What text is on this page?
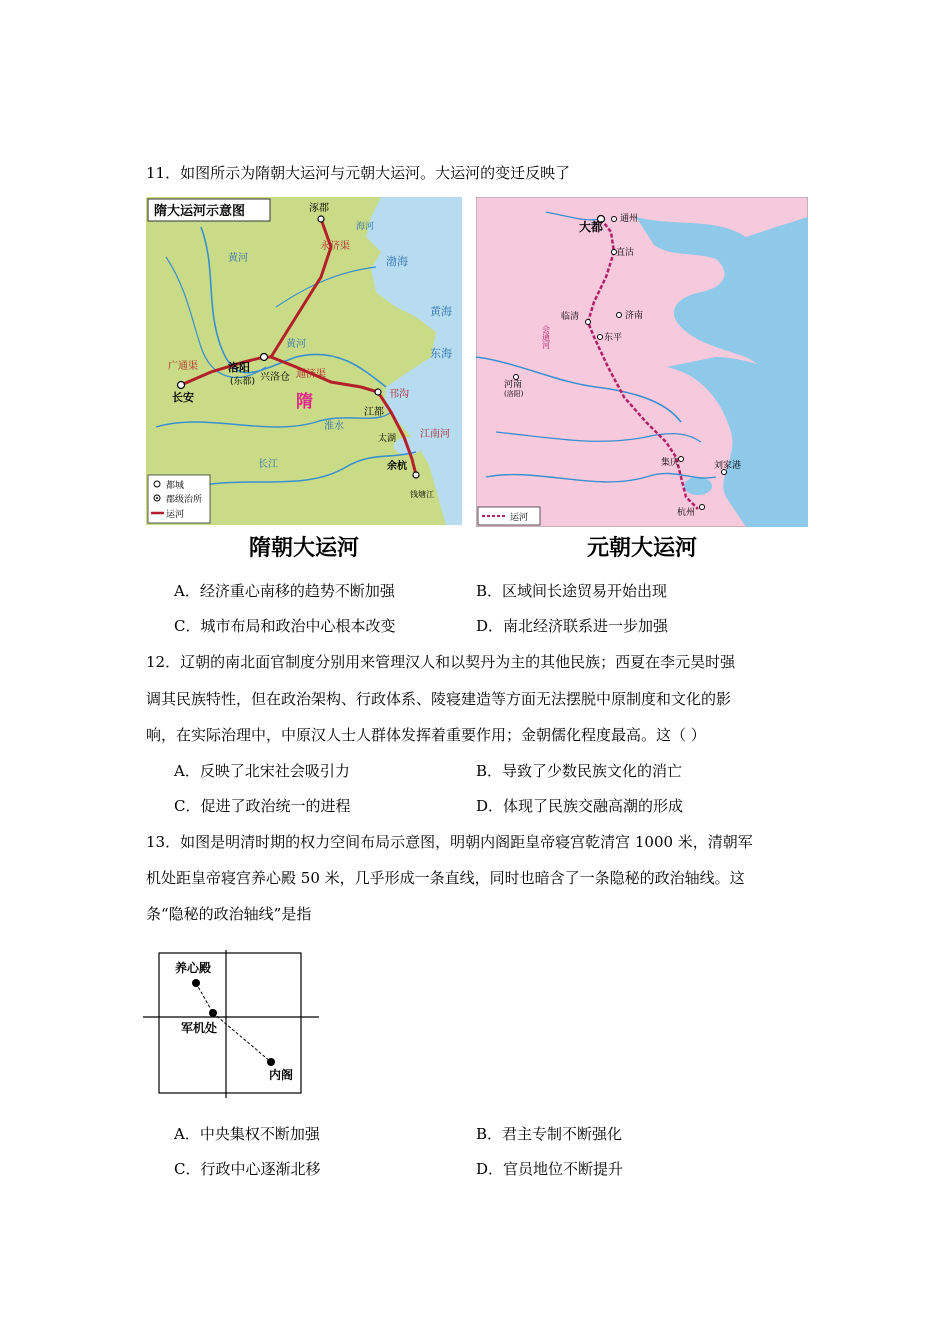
11．如图所示为隋朝大运河与元朝大运河。大运河的变迁反映了
隋大运河示意图	涿郡
洛阳
(东都) 兴洛仓
长安
江都
余杭
钱塘江
太湖
隋
广通渠
永济渠
通济渠
邗沟
江南河
黄河
黄河
海河
淮水
长江
渤海
黄海
东海
都城
郡级治所
运河
隋朝大运河
大都
通州
直沽
临清	济南
东平
河南
(洛阳)
集庆	刘家港
杭州
会通河
运河
元朝大运河
A．经济重心南移的趋势不断加强	B．区域间长途贸易开始出现
C．城市布局和政治中心根本改变	D．南北经济联系进一步加强
12．辽朝的南北面官制度分别用来管理汉人和以契丹为主的其他民族；西夏在李元昊时强
调其民族特性，但在政治架构、行政体系、陵寝建造等方面无法摆脱中原制度和文化的影
响，在实际治理中，中原汉人士人群体发挥着重要作用；金朝儒化程度最高。这（ ）
A．反映了北宋社会吸引力	B．导致了少数民族文化的消亡
C．促进了政治统一的进程	D．体现了民族交融高潮的形成
13．如图是明清时期的权力空间布局示意图，明朝内阁距皇帝寝宫乾清宫 1000 米，清朝军
机处距皇帝寝宫养心殿 50 米，几乎形成一条直线，同时也暗含了一条隐秘的政治轴线。这
条“隐秘的政治轴线”是指
养心殿
军机处
内阁
A．中央集权不断加强	B．君主专制不断强化
C．行政中心逐渐北移	D．官员地位不断提升
